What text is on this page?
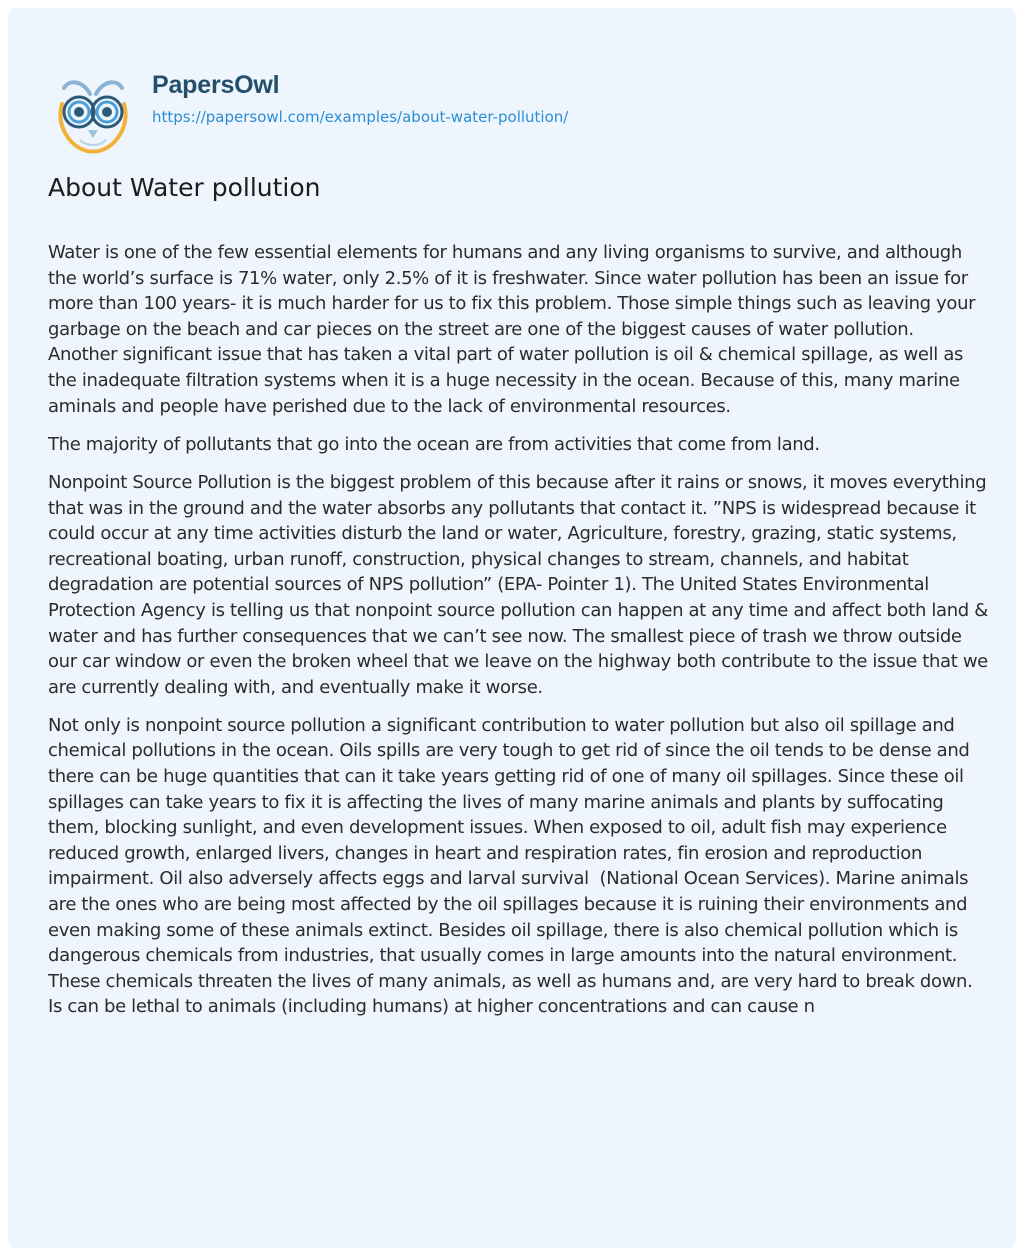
PapersOwl
https://papersowl.com/examples/about-water-pollution/
About Water pollution

Water is one of the few essential elements for humans and any living organisms to survive, and although the world’s surface is 71% water, only 2.5% of it is freshwater. Since water pollution has been an issue for more than 100 years- it is much harder for us to fix this problem. Those simple things such as leaving your garbage on the beach and car pieces on the street are one of the biggest causes of water pollution. Another significant issue that has taken a vital part of water pollution is oil & chemical spillage, as well as the inadequate filtration systems when it is a huge necessity in the ocean. Because of this, many marine aminals and people have perished due to the lack of environmental resources.

The majority of pollutants that go into the ocean are from activities that come from land.

Nonpoint Source Pollution is the biggest problem of this because after it rains or snows, it moves everything that was in the ground and the water absorbs any pollutants that contact it. ”NPS is widespread because it could occur at any time activities disturb the land or water, Agriculture, forestry, grazing, static systems, recreational boating, urban runoff, construction, physical changes to stream, channels, and habitat degradation are potential sources of NPS pollution” (EPA- Pointer 1). The United States Environmental Protection Agency is telling us that nonpoint source pollution can happen at any time and affect both land & water and has further consequences that we can’t see now. The smallest piece of trash we throw outside our car window or even the broken wheel that we leave on the highway both contribute to the issue that we are currently dealing with, and eventually make it worse.

Not only is nonpoint source pollution a significant contribution to water pollution but also oil spillage and chemical pollutions in the ocean. Oils spills are very tough to get rid of since the oil tends to be dense and there can be huge quantities that can it take years getting rid of one of many oil spillages. Since these oil spillages can take years to fix it is affecting the lives of many marine animals and plants by suffocating them, blocking sunlight, and even development issues. When exposed to oil, adult fish may experience reduced growth, enlarged livers, changes in heart and respiration rates, fin erosion and reproduction impairment. Oil also adversely affects eggs and larval survival  (National Ocean Services). Marine animals are the ones who are being most affected by the oil spillages because it is ruining their environments and even making some of these animals extinct. Besides oil spillage, there is also chemical pollution which is dangerous chemicals from industries, that usually comes in large amounts into the natural environment. These chemicals threaten the lives of many animals, as well as humans and, are very hard to break down. Is can be lethal to animals (including humans) at higher concentrations and can cause n
